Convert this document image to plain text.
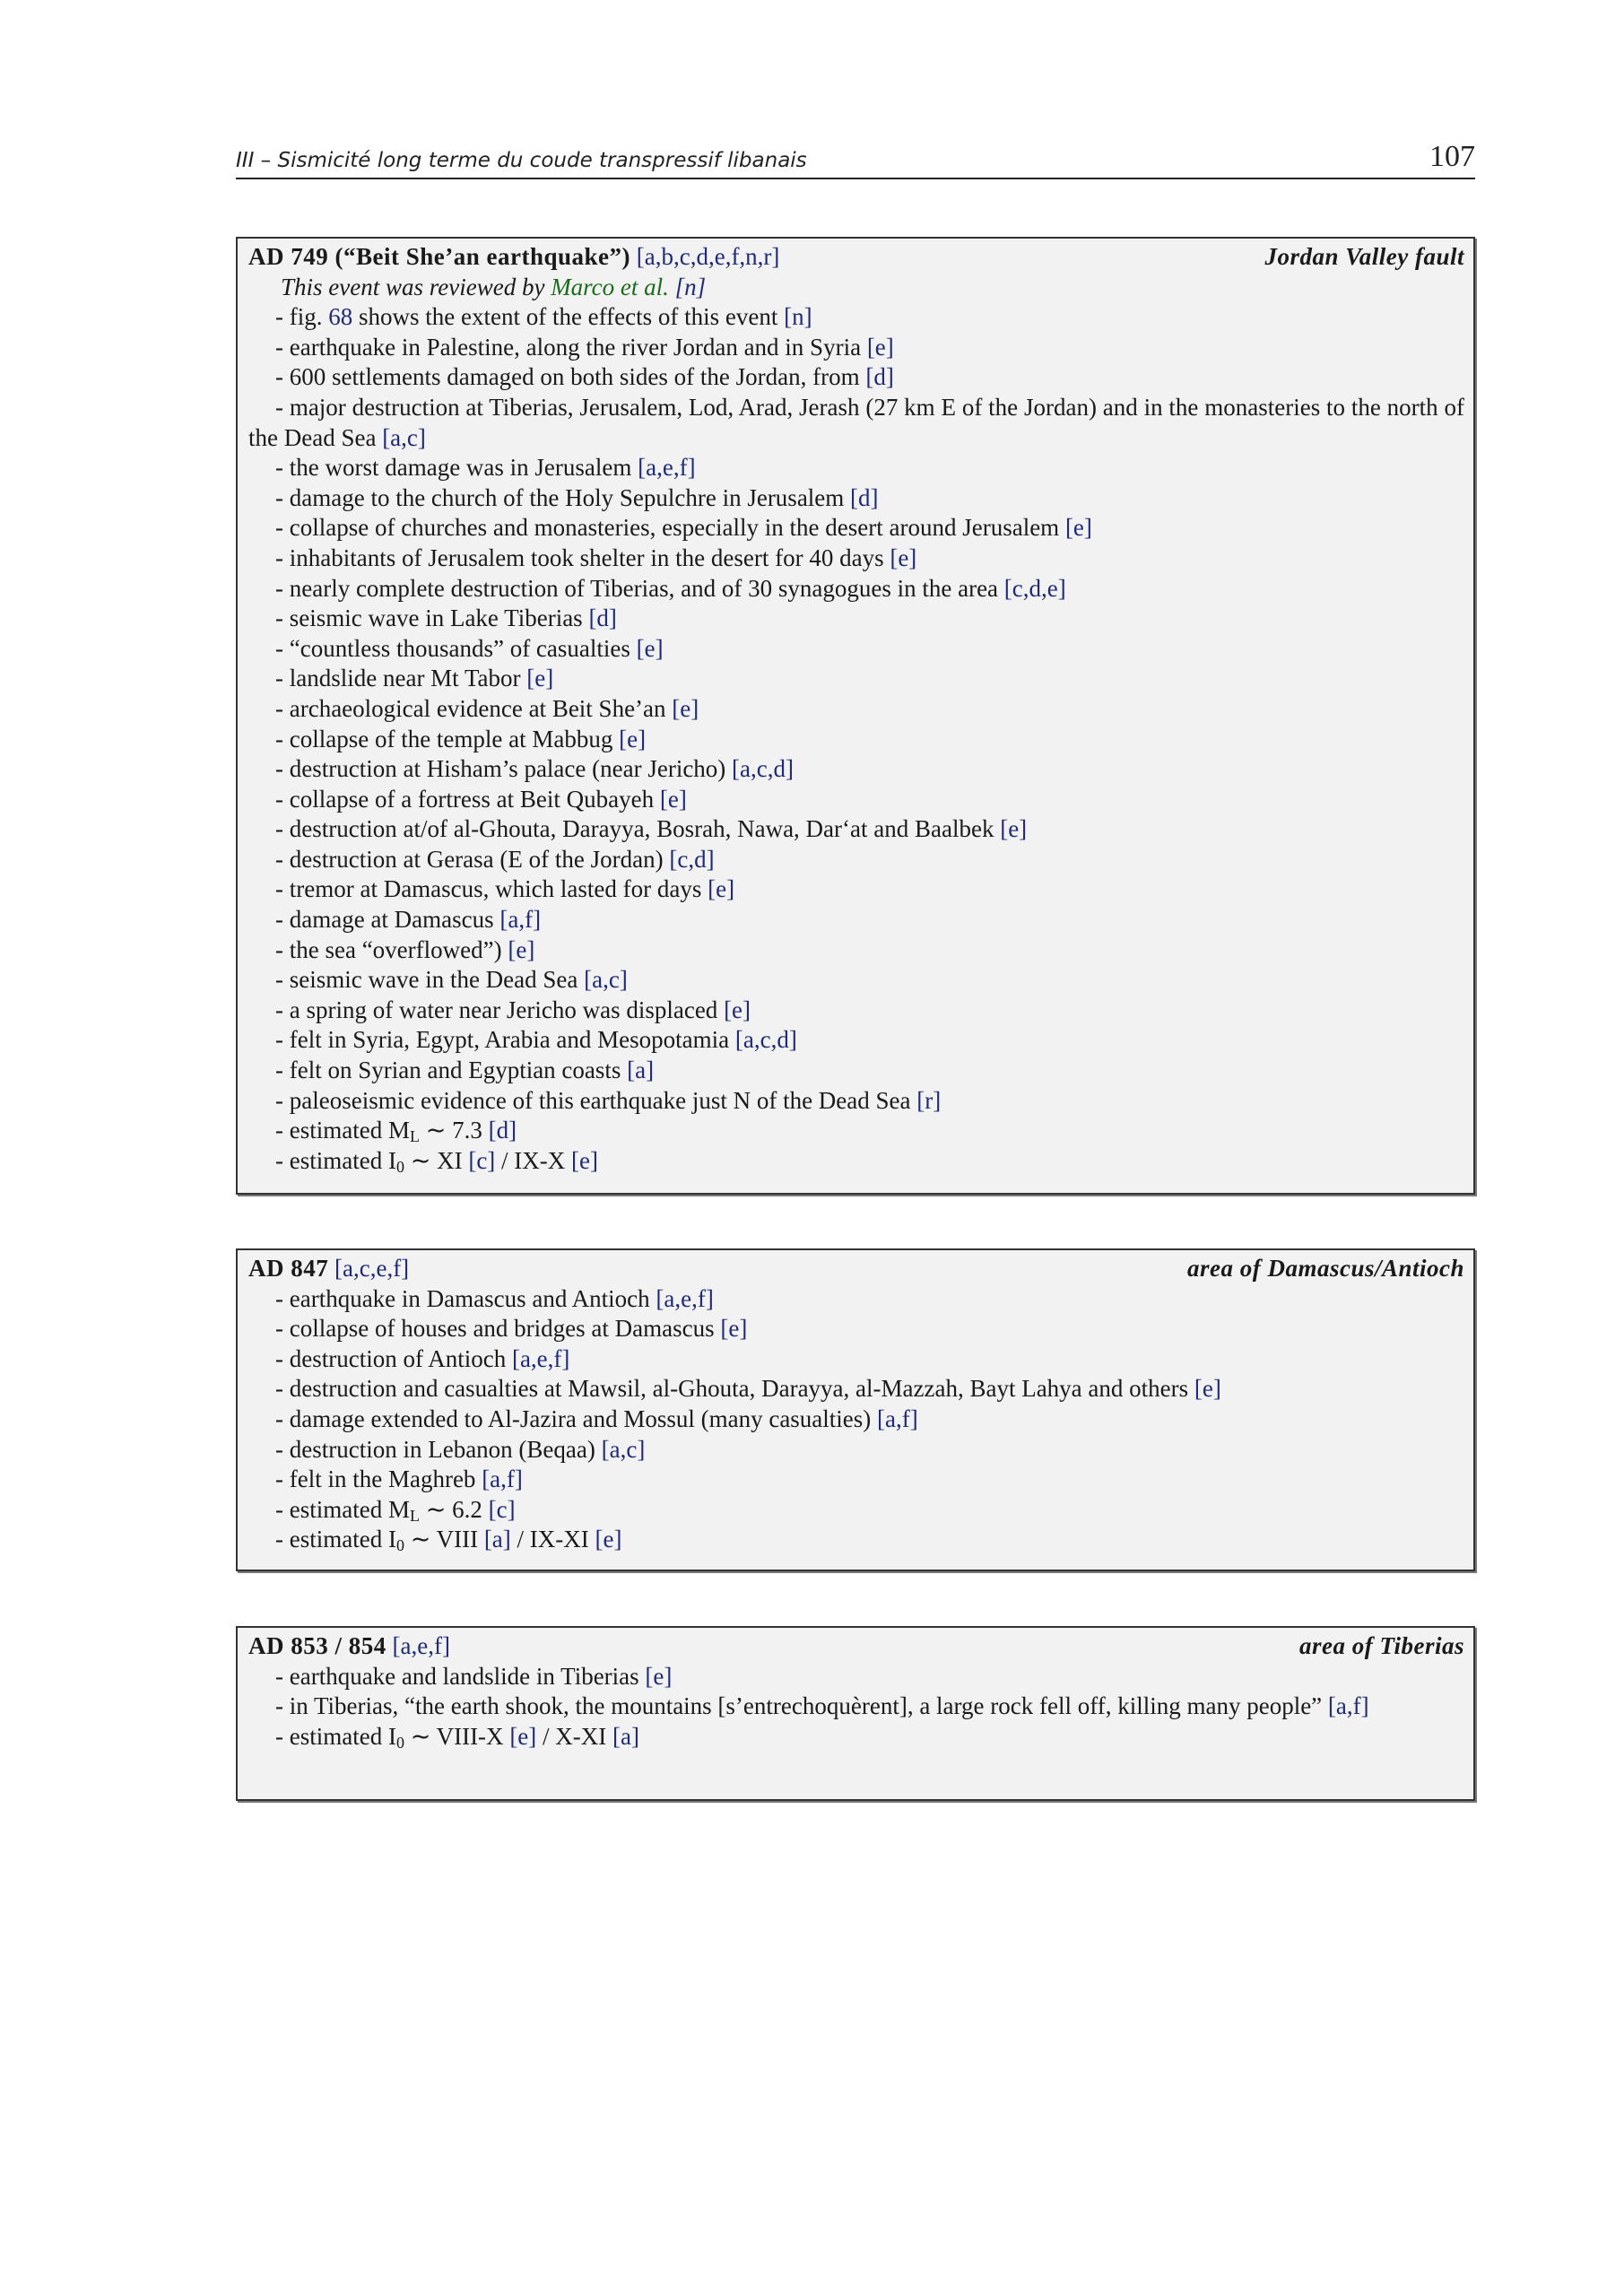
III – Sismicité long terme du coude transpressif libanais	107
AD 749 (“Beit She’an earthquake”) [a,b,c,d,e,f,n,r]	Jordan Valley fault
This event was reviewed by Marco et al. [n]
- fig. 68 shows the extent of the effects of this event [n]
- earthquake in Palestine, along the river Jordan and in Syria [e]
- 600 settlements damaged on both sides of the Jordan, from [d]
- major destruction at Tiberias, Jerusalem, Lod, Arad, Jerash (27 km E of the Jordan) and in the monasteries to the north of the Dead Sea [a,c]
- the worst damage was in Jerusalem [a,e,f]
- damage to the church of the Holy Sepulchre in Jerusalem [d]
- collapse of churches and monasteries, especially in the desert around Jerusalem [e]
- inhabitants of Jerusalem took shelter in the desert for 40 days [e]
- nearly complete destruction of Tiberias, and of 30 synagogues in the area [c,d,e]
- seismic wave in Lake Tiberias [d]
- “countless thousands” of casualties [e]
- landslide near Mt Tabor [e]
- archaeological evidence at Beit She’an [e]
- collapse of the temple at Mabbug [e]
- destruction at Hisham’s palace (near Jericho) [a,c,d]
- collapse of a fortress at Beit Qubayeh [e]
- destruction at/of al-Ghouta, Darayya, Bosrah, Nawa, Dar‘at and Baalbek [e]
- destruction at Gerasa (E of the Jordan) [c,d]
- tremor at Damascus, which lasted for days [e]
- damage at Damascus [a,f]
- the sea “overflowed”) [e]
- seismic wave in the Dead Sea [a,c]
- a spring of water near Jericho was displaced [e]
- felt in Syria, Egypt, Arabia and Mesopotamia [a,c,d]
- felt on Syrian and Egyptian coasts [a]
- paleoseismic evidence of this earthquake just N of the Dead Sea [r]
- estimated $M_L$ ∼ 7.3 [d]
- estimated $I_0$ ∼ XI [c] / IX-X [e]
AD 847 [a,c,e,f]	area of Damascus/Antioch
- earthquake in Damascus and Antioch [a,e,f]
- collapse of houses and bridges at Damascus [e]
- destruction of Antioch [a,e,f]
- destruction and casualties at Mawsil, al-Ghouta, Darayya, al-Mazzah, Bayt Lahya and others [e]
- damage extended to Al-Jazira and Mossul (many casualties) [a,f]
- destruction in Lebanon (Beqaa) [a,c]
- felt in the Maghreb [a,f]
- estimated $M_L$ ∼ 6.2 [c]
- estimated $I_0$ ∼ VIII [a] / IX-XI [e]
AD 853 / 854 [a,e,f]	area of Tiberias
- earthquake and landslide in Tiberias [e]
- in Tiberias, “the earth shook, the mountains [s’entrechoquèrent], a large rock fell off, killing many people” [a,f]
- estimated $I_0$ ∼ VIII-X [e] / X-XI [a]
